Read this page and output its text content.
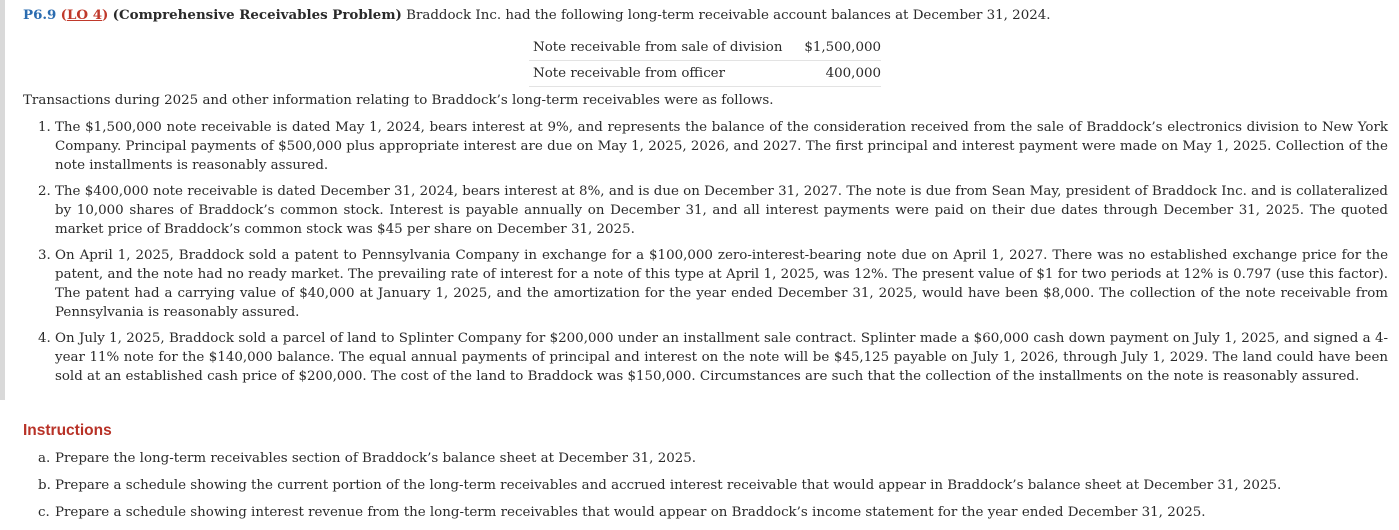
P6.9 (LO 4) (Comprehensive Receivables Problem) Braddock Inc. had the following long-term receivable account balances at December 31, 2024.
Note receivable from sale of division	$1,500,000
Note receivable from officer	400,000
Transactions during 2025 and other information relating to Braddock’s long-term receivables were as follows.
1. The $1,500,000 note receivable is dated May 1, 2024, bears interest at 9%, and represents the balance of the consideration received from the sale of Braddock’s electronics division to New York Company. Principal payments of $500,000 plus appropriate interest are due on May 1, 2025, 2026, and 2027. The first principal and interest payment were made on May 1, 2025. Collection of the note installments is reasonably assured.
2. The $400,000 note receivable is dated December 31, 2024, bears interest at 8%, and is due on December 31, 2027. The note is due from Sean May, president of Braddock Inc. and is collateralized by 10,000 shares of Braddock’s common stock. Interest is payable annually on December 31, and all interest payments were paid on their due dates through December 31, 2025. The quoted market price of Braddock’s common stock was $45 per share on December 31, 2025.
3. On April 1, 2025, Braddock sold a patent to Pennsylvania Company in exchange for a $100,000 zero-interest-bearing note due on April 1, 2027. There was no established exchange price for the patent, and the note had no ready market. The prevailing rate of interest for a note of this type at April 1, 2025, was 12%. The present value of $1 for two periods at 12% is 0.797 (use this factor). The patent had a carrying value of $40,000 at January 1, 2025, and the amortization for the year ended December 31, 2025, would have been $8,000. The collection of the note receivable from Pennsylvania is reasonably assured.
4. On July 1, 2025, Braddock sold a parcel of land to Splinter Company for $200,000 under an installment sale contract. Splinter made a $60,000 cash down payment on July 1, 2025, and signed a 4-year 11% note for the $140,000 balance. The equal annual payments of principal and interest on the note will be $45,125 payable on July 1, 2026, through July 1, 2029. The land could have been sold at an established cash price of $200,000. The cost of the land to Braddock was $150,000. Circumstances are such that the collection of the installments on the note is reasonably assured.
Instructions
a. Prepare the long-term receivables section of Braddock’s balance sheet at December 31, 2025.
b. Prepare a schedule showing the current portion of the long-term receivables and accrued interest receivable that would appear in Braddock’s balance sheet at December 31, 2025.
c. Prepare a schedule showing interest revenue from the long-term receivables that would appear on Braddock’s income statement for the year ended December 31, 2025.
